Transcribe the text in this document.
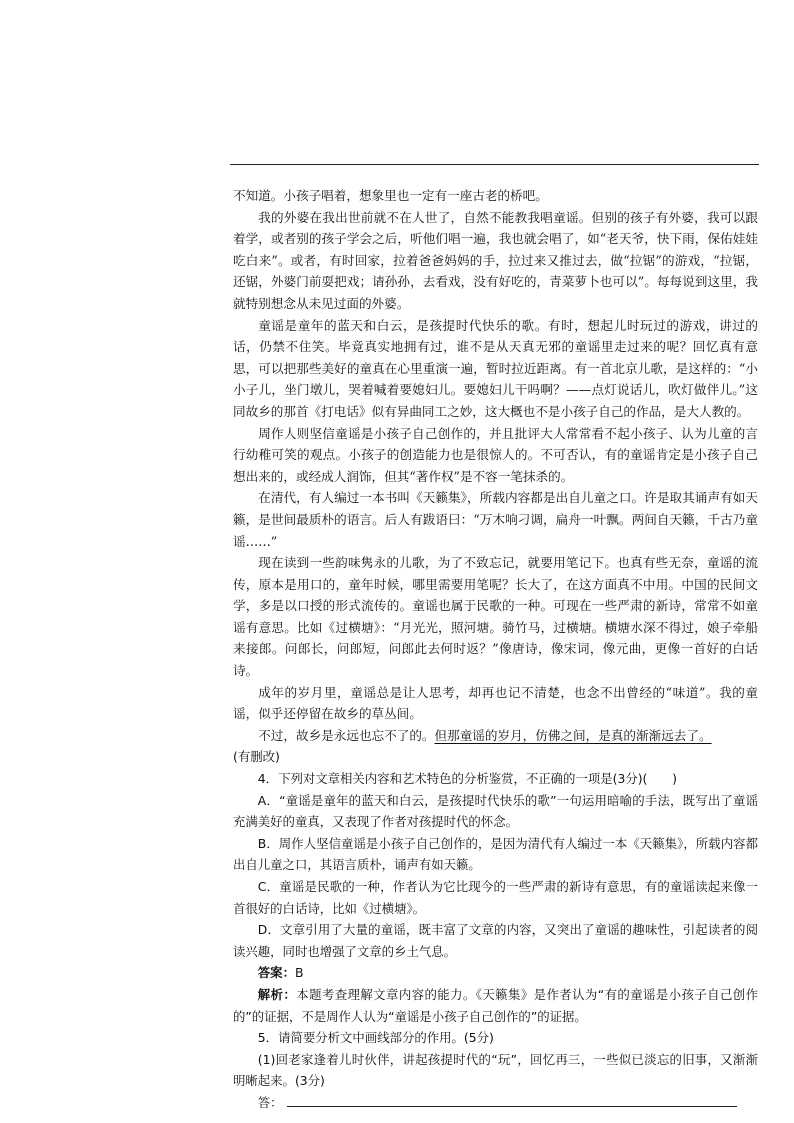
不知道。小孩子唱着，想象里也一定有一座古老的桥吧。

我的外婆在我出世前就不在人世了，自然不能教我唱童谣。但别的孩子有外婆，我可以跟着学，或者别的孩子学会之后，听他们唱一遍，我也就会唱了，如“老天爷，快下雨，保佑娃娃吃白来”。或者，有时回家，拉着爸爸妈妈的手，拉过来又推过去，做“拉锯”的游戏，“拉锯，还锯，外婆门前耍把戏；请孙孙，去看戏，没有好吃的，青菜萝卜也可以”。每每说到这里，我就特别想念从未见过面的外婆。

童谣是童年的蓝天和白云，是孩提时代快乐的歌。有时，想起儿时玩过的游戏，讲过的话，仍禁不住笑。毕竟真实地拥有过，谁不是从天真无邪的童谣里走过来的呢？回忆真有意思，可以把那些美好的童真在心里重演一遍，暂时拉近距离。有一首北京儿歌，是这样的：“小小子儿，坐门墩儿，哭着喊着要媳妇儿。要媳妇儿干吗啊？——点灯说话儿，吹灯做伴儿。”这同故乡的那首《打电话》似有异曲同工之妙，这大概也不是小孩子自己的作品，是大人教的。

周作人则坚信童谣是小孩子自己创作的，并且批评大人常常看不起小孩子、认为儿童的言行幼稚可笑的观点。小孩子的创造能力也是很惊人的。不可否认，有的童谣肯定是小孩子自己想出来的，或经成人润饰，但其“著作权”是不容一笔抹杀的。

在清代，有人编过一本书叫《天籁集》，所载内容都是出自儿童之口。许是取其诵声有如天籁，是世间最质朴的语言。后人有跋语曰：“万木响刁调，扁舟一叶飘。两间自天籁，千古乃童谣……”

现在读到一些韵味隽永的儿歌，为了不致忘记，就要用笔记下。也真有些无奈，童谣的流传，原本是用口的，童年时候，哪里需要用笔呢？长大了，在这方面真不中用。中国的民间文学，多是以口授的形式流传的。童谣也属于民歌的一种。可现在一些严肃的新诗，常常不如童谣有意思。比如《过横塘》：“月光光，照河塘。骑竹马，过横塘。横塘水深不得过，娘子牵船来接郎。问郎长，问郎短，问郎此去何时返？”像唐诗，像宋词，像元曲，更像一首好的白话诗。

成年的岁月里，童谣总是让人思考，却再也记不清楚，也念不出曾经的“味道”。我的童谣，似乎还停留在故乡的草丛间。

不过，故乡是永远也忘不了的。但那童谣的岁月，仿佛之间，是真的渐渐远去了。

(有删改)

4．下列对文章相关内容和艺术特色的分析鉴赏，不正确的一项是(3分)(　　)

A．“童谣是童年的蓝天和白云，是孩提时代快乐的歌”一句运用暗喻的手法，既写出了童谣充满美好的童真，又表现了作者对孩提时代的怀念。

B．周作人坚信童谣是小孩子自己创作的，是因为清代有人编过一本《天籁集》，所载内容都出自儿童之口，其语言质朴，诵声有如天籁。

C．童谣是民歌的一种，作者认为它比现今的一些严肃的新诗有意思，有的童谣读起来像一首很好的白话诗，比如《过横塘》。

D．文章引用了大量的童谣，既丰富了文章的内容，又突出了童谣的趣味性，引起读者的阅读兴趣，同时也增强了文章的乡土气息。

答案：B

解析：本题考查理解文章内容的能力。《天籁集》是作者认为“有的童谣是小孩子自己创作的”的证据，不是周作人认为“童谣是小孩子自己创作的”的证据。

5．请简要分析文中画线部分的作用。(5分)

(1)回老家逢着儿时伙伴，讲起孩提时代的“玩”，回忆再三，一些似已淡忘的旧事，又渐渐明晰起来。(3分)

答：
